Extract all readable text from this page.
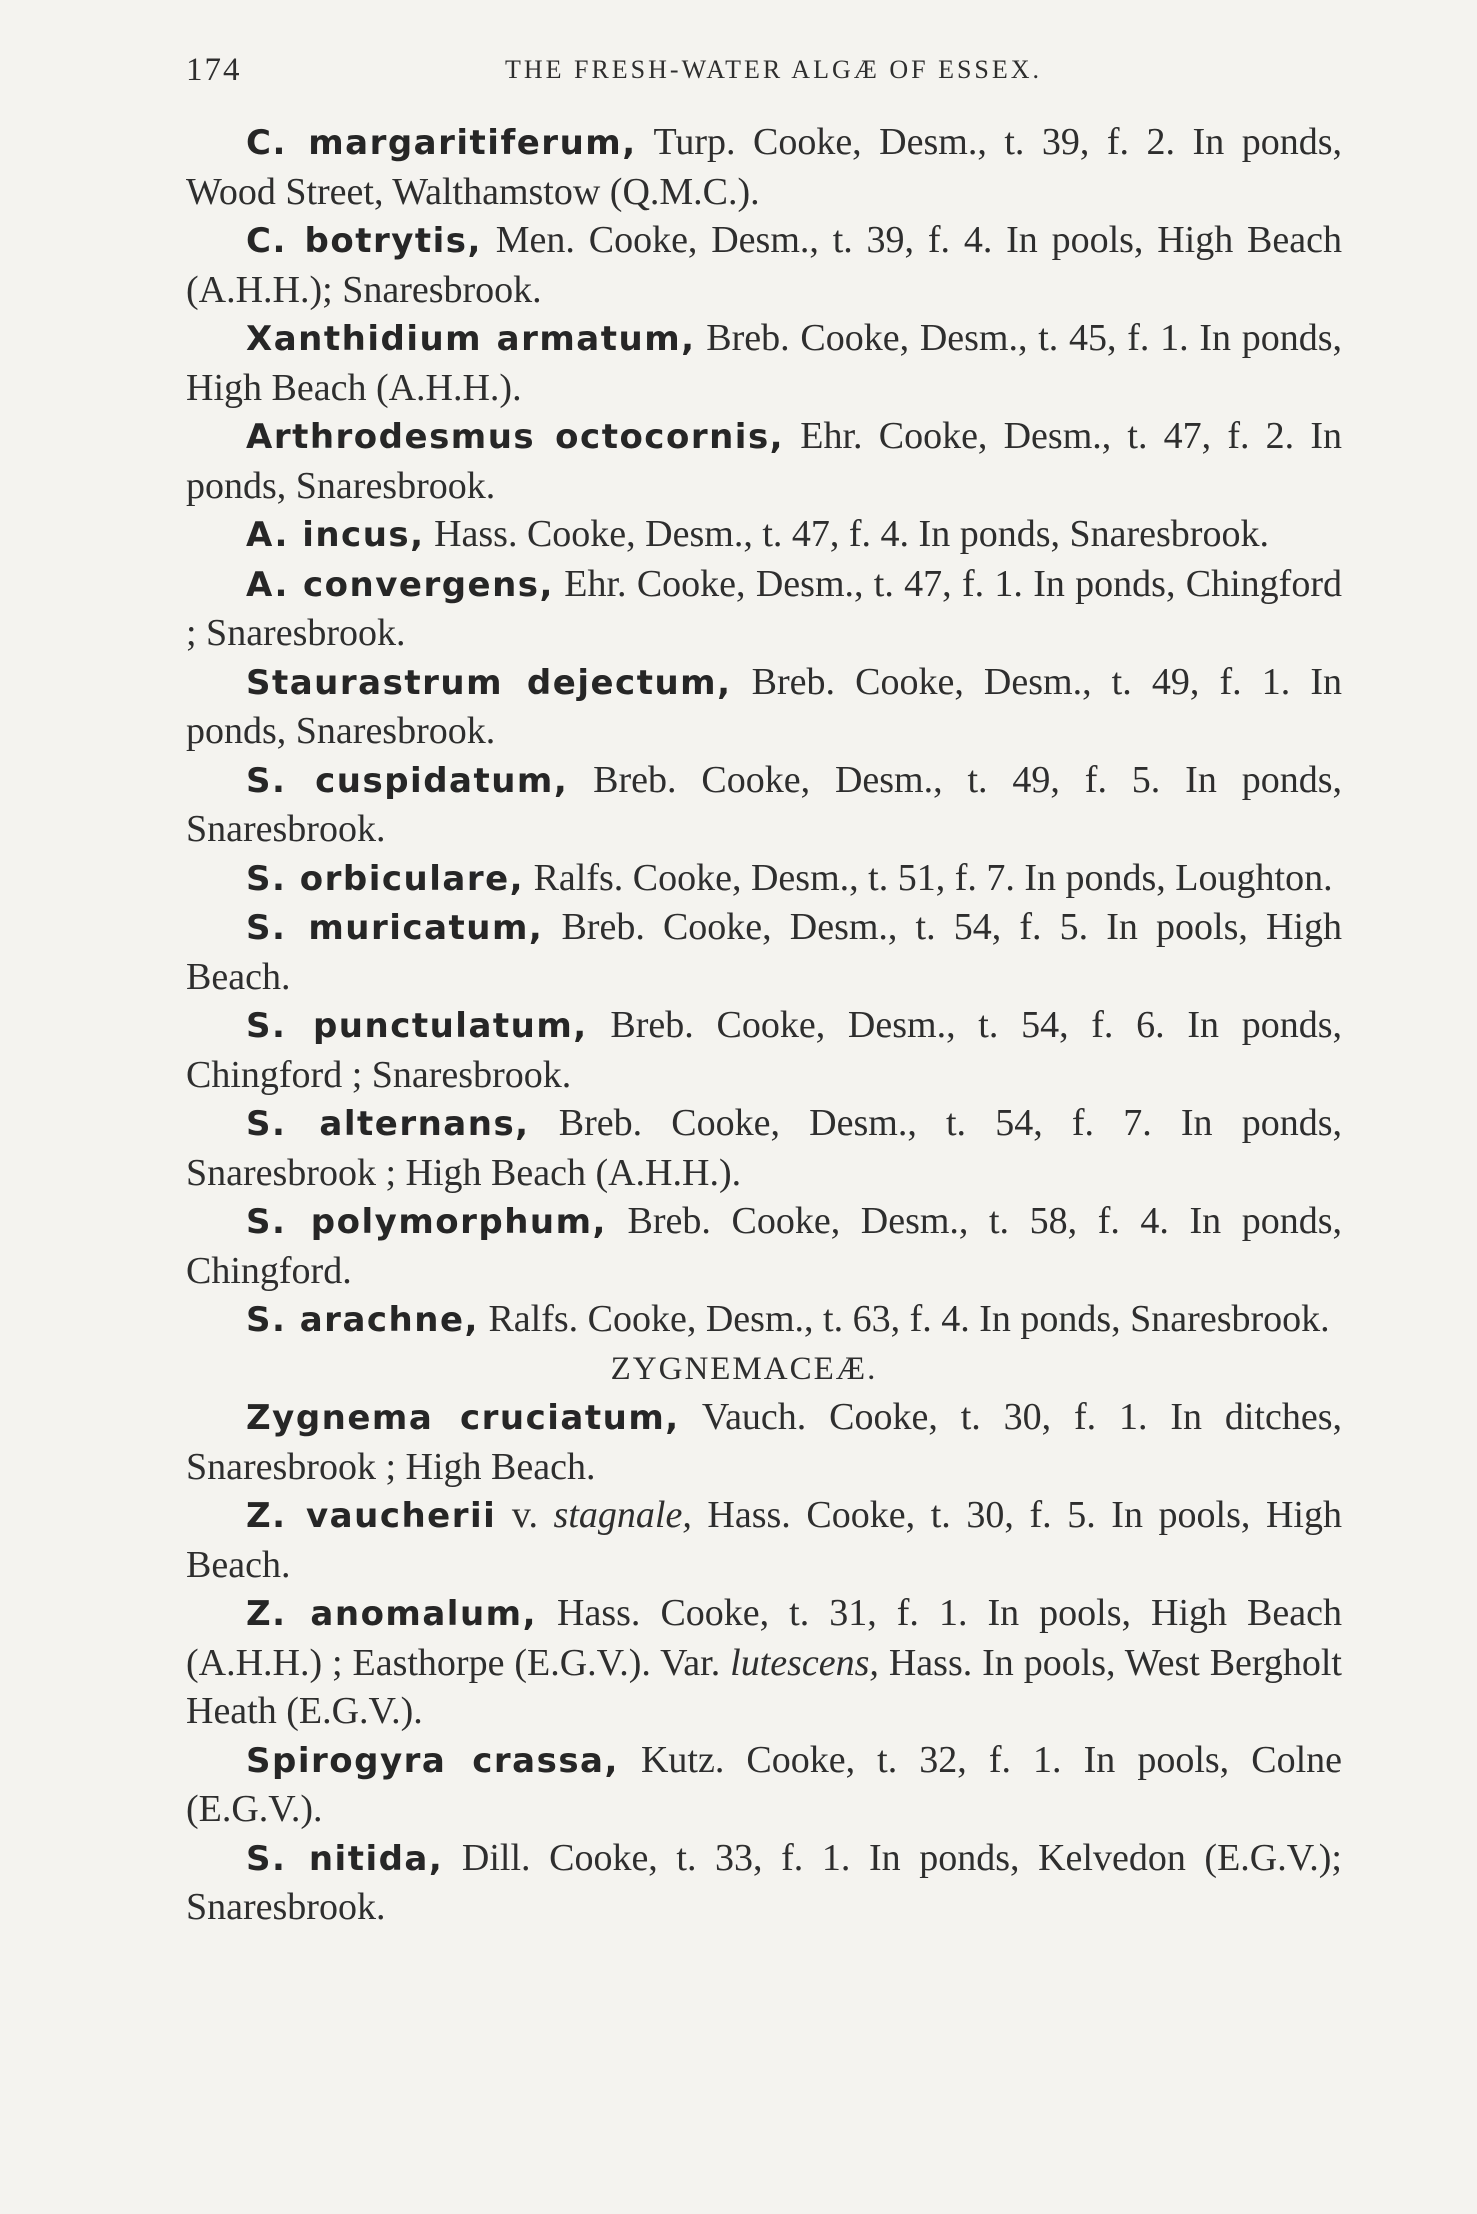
174	THE FRESH-WATER ALGÆ OF ESSEX.

C. margaritiferum, Turp. Cooke, Desm., t. 39, f. 2. In ponds, Wood Street, Walthamstow (Q.M.C.).

C. botrytis, Men. Cooke, Desm., t. 39, f. 4. In pools, High Beach (A.H.H.); Snaresbrook.

Xanthidium armatum, Breb. Cooke, Desm., t. 45, f. 1. In ponds, High Beach (A.H.H.).

Arthrodesmus octocornis, Ehr. Cooke, Desm., t. 47, f. 2. In ponds, Snaresbrook.

A. incus, Hass. Cooke, Desm., t. 47, f. 4. In ponds, Snaresbrook.

A. convergens, Ehr. Cooke, Desm., t. 47, f. 1. In ponds, Chingford ; Snaresbrook.

Staurastrum dejectum, Breb. Cooke, Desm., t. 49, f. 1. In ponds, Snaresbrook.

S. cuspidatum, Breb. Cooke, Desm., t. 49, f. 5. In ponds, Snaresbrook.

S. orbiculare, Ralfs. Cooke, Desm., t. 51, f. 7. In ponds, Loughton.

S. muricatum, Breb. Cooke, Desm., t. 54, f. 5. In pools, High Beach.

S. punctulatum, Breb. Cooke, Desm., t. 54, f. 6. In ponds, Chingford ; Snaresbrook.

S. alternans, Breb. Cooke, Desm., t. 54, f. 7. In ponds, Snaresbrook ; High Beach (A.H.H.).

S. polymorphum, Breb. Cooke, Desm., t. 58, f. 4. In ponds, Chingford.

S. arachne, Ralfs. Cooke, Desm., t. 63, f. 4. In ponds, Snaresbrook.

ZYGNEMACEÆ.

Zygnema cruciatum, Vauch. Cooke, t. 30, f. 1. In ditches, Snaresbrook ; High Beach.

Z. vaucherii v. stagnale, Hass. Cooke, t. 30, f. 5. In pools, High Beach.

Z. anomalum, Hass. Cooke, t. 31, f. 1. In pools, High Beach (A.H.H.) ; Easthorpe (E.G.V.). Var. lutescens, Hass. In pools, West Bergholt Heath (E.G.V.).

Spirogyra crassa, Kutz. Cooke, t. 32, f. 1. In pools, Colne (E.G.V.).

S. nitida, Dill. Cooke, t. 33, f. 1. In ponds, Kelvedon (E.G.V.); Snaresbrook.
